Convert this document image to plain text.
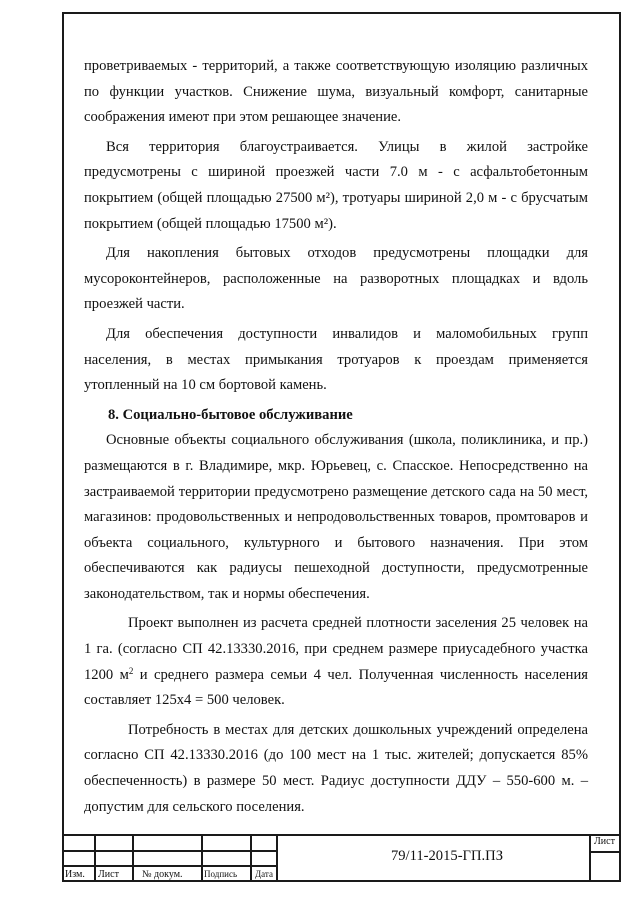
проветриваемых - территорий, а также соответствующую изоляцию различных по функции участков. Снижение шума, визуальный комфорт, санитарные соображения имеют при этом решающее значение.

Вся территория благоустраивается. Улицы в жилой застройке предусмотрены с шириной проезжей части 7.0 м - с асфальтобетонным покрытием (общей площадью 27500 м²), тротуары шириной 2,0 м - с брусчатым покрытием (общей площадью 17500 м²).

Для накопления бытовых отходов предусмотрены площадки для мусороконтейнеров, расположенные на разворотных площадках и вдоль проезжей части.

Для обеспечения доступности инвалидов и маломобильных групп населения, в местах примыкания тротуаров к проездам применяется утопленный на 10 см бортовой камень.

8. Социально-бытовое обслуживание

Основные объекты социального обслуживания (школа, поликлиника, и пр.) размещаются в г. Владимире, мкр. Юрьевец, с. Спасское. Непосредственно на застраиваемой территории предусмотрено размещение детского сада на 50 мест, магазинов: продовольственных и непродовольственных товаров, промтоваров и объекта социального, культурного и бытового назначения. При этом обеспечиваются как радиусы пешеходной доступности, предусмотренные законодательством, так и нормы обеспечения.

Проект выполнен из расчета средней плотности заселения 25 человек на 1 га. (согласно СП 42.13330.2016, при среднем размере приусадебного участка 1200 $м^2$ и среднего размера семьи 4 чел. Полученная численность населения составляет 125х4 = 500 человек.

Потребность в местах для детских дошкольных учреждений определена согласно СП 42.13330.2016 (до 100 мест на 1 тыс. жителей; допускается 85% обеспеченность) в размере 50 мест. Радиус доступности ДДУ – 550-600 м. – допустим для сельского поселения.

Изм. Лист № докум. Подпись Дата
79/11-2015-ГП.ПЗ
Лист
